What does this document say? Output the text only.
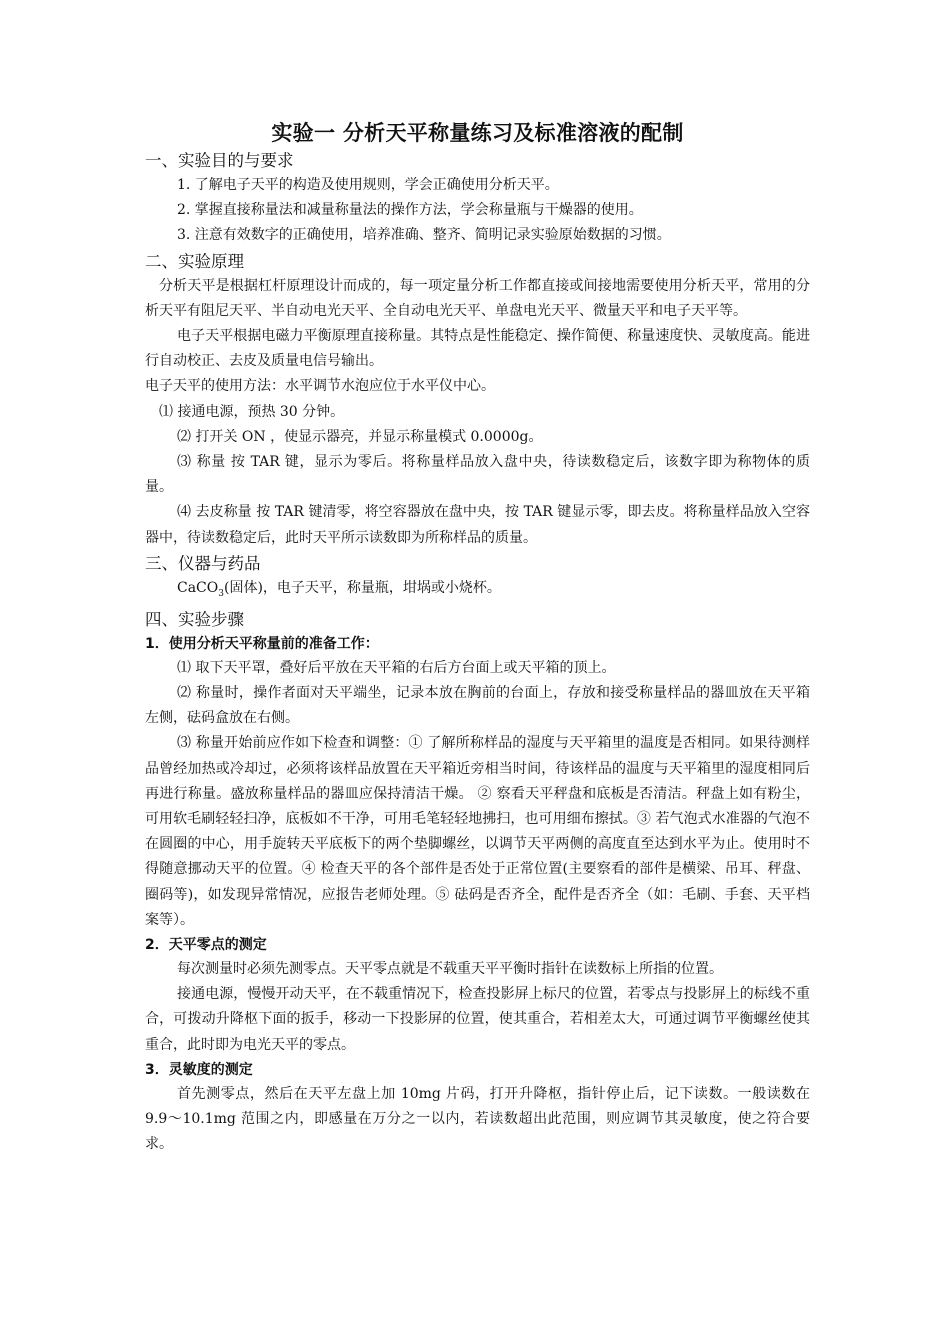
实验一 分析天平称量练习及标准溶液的配制
一、实验目的与要求

1. 了解电子天平的构造及使用规则，学会正确使用分析天平。

2. 掌握直接称量法和减量称量法的操作方法，学会称量瓶与干燥器的使用。

3. 注意有效数字的正确使用，培养准确、整齐、简明记录实验原始数据的习惯。

二、实验原理

分析天平是根据杠杆原理设计而成的，每一项定量分析工作都直接或间接地需要使用分析天平，常用的分析天平有阻尼天平、半自动电光天平、全自动电光天平、单盘电光天平、微量天平和电子天平等。

电子天平根据电磁力平衡原理直接称量。其特点是性能稳定、操作简便、称量速度快、灵敏度高。能进行自动校正、去皮及质量电信号输出。

电子天平的使用方法：水平调节水泡应位于水平仪中心。

⑴ 接通电源，预热 30 分钟。

⑵ 打开关 ON ，使显示器亮，并显示称量模式 0.0000g。

⑶ 称量 按 TAR 键，显示为零后。将称量样品放入盘中央，待读数稳定后，该数字即为称物体的质量。

⑷ 去皮称量 按 TAR 键清零，将空容器放在盘中央，按 TAR 键显示零，即去皮。将称量样品放入空容器中，待读数稳定后，此时天平所示读数即为所称样品的质量。

三、仪器与药品

CaCO$_3$(固体)，电子天平，称量瓶，坩埚或小烧杯。

四、实验步骤
1．使用分析天平称量前的准备工作：

⑴ 取下天平罩，叠好后平放在天平箱的右后方台面上或天平箱的顶上。

⑵ 称量时，操作者面对天平端坐，记录本放在胸前的台面上，存放和接受称量样品的器皿放在天平箱左侧，砝码盒放在右侧。

⑶ 称量开始前应作如下检查和调整：① 了解所称样品的湿度与天平箱里的温度是否相同。如果待测样品曾经加热或冷却过，必须将该样品放置在天平箱近旁相当时间，待该样品的温度与天平箱里的湿度相同后再进行称量。盛放称量样品的器皿应保持清洁干燥。 ② 察看天平秤盘和底板是否清洁。秤盘上如有粉尘，可用软毛刷轻轻扫净，底板如不干净，可用毛笔轻轻地拂扫，也可用细布擦拭。③ 若气泡式水准器的气泡不在圆圈的中心，用手旋转天平底板下的两个垫脚螺丝，以调节天平两侧的高度直至达到水平为止。使用时不得随意挪动天平的位置。④ 检查天平的各个部件是否处于正常位置(主要察看的部件是横梁、吊耳、秤盘、圈码等)，如发现异常情况，应报告老师处理。⑤ 砝码是否齐全，配件是否齐全（如：毛刷、手套、天平档案等）。

2．天平零点的测定

每次测量时必须先测零点。天平零点就是不载重天平平衡时指针在读数标上所指的位置。

接通电源，慢慢开动天平，在不载重情况下，检查投影屏上标尺的位置，若零点与投影屏上的标线不重合，可拨动升降枢下面的扳手，移动一下投影屏的位置，使其重合，若相差太大，可通过调节平衡螺丝使其重合，此时即为电光天平的零点。

3．灵敏度的测定

首先测零点，然后在天平左盘上加 10mg 片码，打开升降枢，指针停止后，记下读数。一般读数在 9.9～10.1mg 范围之内，即感量在万分之一以内，若读数超出此范围，则应调节其灵敏度，使之符合要求。
